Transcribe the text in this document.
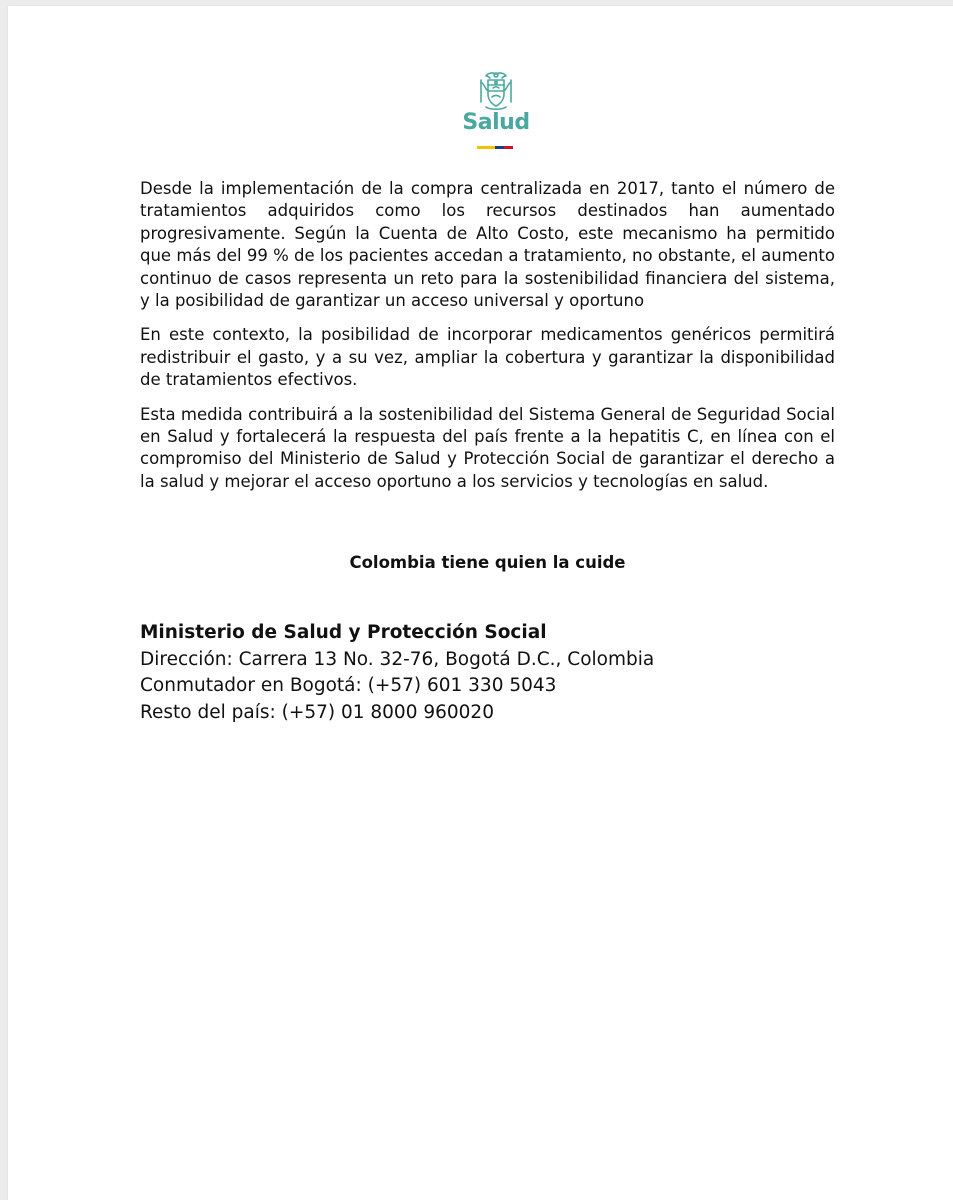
Salud

Desde la implementación de la compra centralizada en 2017, tanto el número de tratamientos adquiridos como los recursos destinados han aumentado progresivamente. Según la Cuenta de Alto Costo, este mecanismo ha permitido que más del 99 % de los pacientes accedan a tratamiento, no obstante, el aumento continuo de casos representa un reto para la sostenibilidad financiera del sistema, y la posibilidad de garantizar un acceso universal y oportuno

En este contexto, la posibilidad de incorporar medicamentos genéricos permitirá redistribuir el gasto, y a su vez, ampliar la cobertura y garantizar la disponibilidad de tratamientos efectivos.

Esta medida contribuirá a la sostenibilidad del Sistema General de Seguridad Social en Salud y fortalecerá la respuesta del país frente a la hepatitis C, en línea con el compromiso del Ministerio de Salud y Protección Social de garantizar el derecho a la salud y mejorar el acceso oportuno a los servicios y tecnologías en salud.

Colombia tiene quien la cuide
Ministerio de Salud y Protección Social
Dirección: Carrera 13 No. 32-76, Bogotá D.C., Colombia
Conmutador en Bogotá: (+57) 601 330 5043
Resto del país: (+57) 01 8000 960020
